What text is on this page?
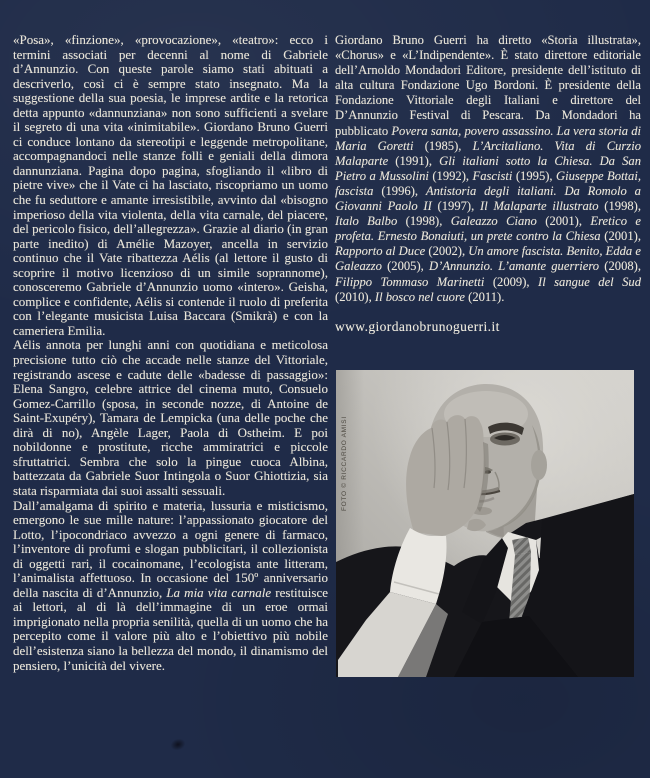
«Posa», «finzione», «provocazione», «teatro»: ecco i termini associati per decenni al nome di Gabriele d’Annunzio. Con queste parole siamo stati abituati a descriverlo, così ci è sempre stato insegnato. Ma la suggestione della sua poesia, le imprese ardite e la retorica detta appunto «dannunziana» non sono sufficienti a svelare il segreto di una vita «inimitabile». Giordano Bruno Guerri ci conduce lontano da stereotipi e leggende metropolitane, accompagnandoci nelle stanze folli e geniali della dimora dannunziana. Pagina dopo pagina, sfogliando il «libro di pietre vive» che il Vate ci ha lasciato, riscopriamo un uomo che fu seduttore e amante irresistibile, avvinto dal «bisogno imperioso della vita violenta, della vita carnale, del piacere, del pericolo fisico, dell’allegrezza». Grazie al diario (in gran parte inedito) di Amélie Mazoyer, ancella in servizio continuo che il Vate ribattezza Aélis (al lettore il gusto di scoprire il motivo licenzioso di un simile soprannome), conosceremo Gabriele d’Annunzio uomo «intero». Geisha, complice e confidente, Aélis si contende il ruolo di preferita con l’elegante musicista Luisa Baccara (Smikrà) e con la cameriera Emilia.

Aélis annota per lunghi anni con quotidiana e meticolosa precisione tutto ciò che accade nelle stanze del Vittoriale, registrando ascese e cadute delle «badesse di passaggio»: Elena Sangro, celebre attrice del cinema muto, Consuelo Gomez-Carrillo (sposa, in seconde nozze, di Antoine de Saint-Exupéry), Tamara de Lempicka (una delle poche che dirà di no), Angèle Lager, Paola di Ostheim. E poi nobildonne e prostitute, ricche ammiratrici e piccole sfruttatrici. Sembra che solo la pingue cuoca Albina, battezzata da Gabriele Suor Intingola o Suor Ghiottizia, sia stata risparmiata dai suoi assalti sessuali.

Dall’amalgama di spirito e materia, lussuria e misticismo, emergono le sue mille nature: l’appassionato giocatore del Lotto, l’ipocondriaco avvezzo a ogni genere di farmaco, l’inventore di profumi e slogan pubblicitari, il collezionista di oggetti rari, il cocainomane, l’ecologista ante litteram, l’animalista affettuoso. In occasione del 150º anniversario della nascita di d’Annunzio, La mia vita carnale restituisce ai lettori, al di là dell’immagine di un eroe ormai imprigionato nella propria senilità, quella di un uomo che ha percepito come il valore più alto e l’obiettivo più nobile dell’esistenza siano la bellezza del mondo, il dinamismo del pensiero, l’unicità del vivere.

Giordano Bruno Guerri ha diretto «Storia illustrata», «Chorus» e «L’Indipendente». È stato direttore editoriale dell’Arnoldo Mondadori Editore, presidente dell’istituto di alta cultura Fondazione Ugo Bordoni. È presidente della Fondazione Vittoriale degli Italiani e direttore del D’Annunzio Festival di Pescara. Da Mondadori ha pubblicato Povera santa, povero assassino. La vera storia di Maria Goretti (1985), L’Arcitaliano. Vita di Curzio Malaparte (1991), Gli italiani sotto la Chiesa. Da San Pietro a Mussolini (1992), Fascisti (1995), Giuseppe Bottai, fascista (1996), Antistoria degli italiani. Da Romolo a Giovanni Paolo II (1997), Il Malaparte illustrato (1998), Italo Balbo (1998), Galeazzo Ciano (2001), Eretico e profeta. Ernesto Bonaiuti, un prete contro la Chiesa (2001), Rapporto al Duce (2002), Un amore fascista. Benito, Edda e Galeazzo (2005), D’Annunzio. L’amante guerriero (2008), Filippo Tommaso Marinetti (2009), Il sangue del Sud (2010), Il bosco nel cuore (2011).

www.giordanobrunoguerri.it
FOTO © RICCARDO AMISI
